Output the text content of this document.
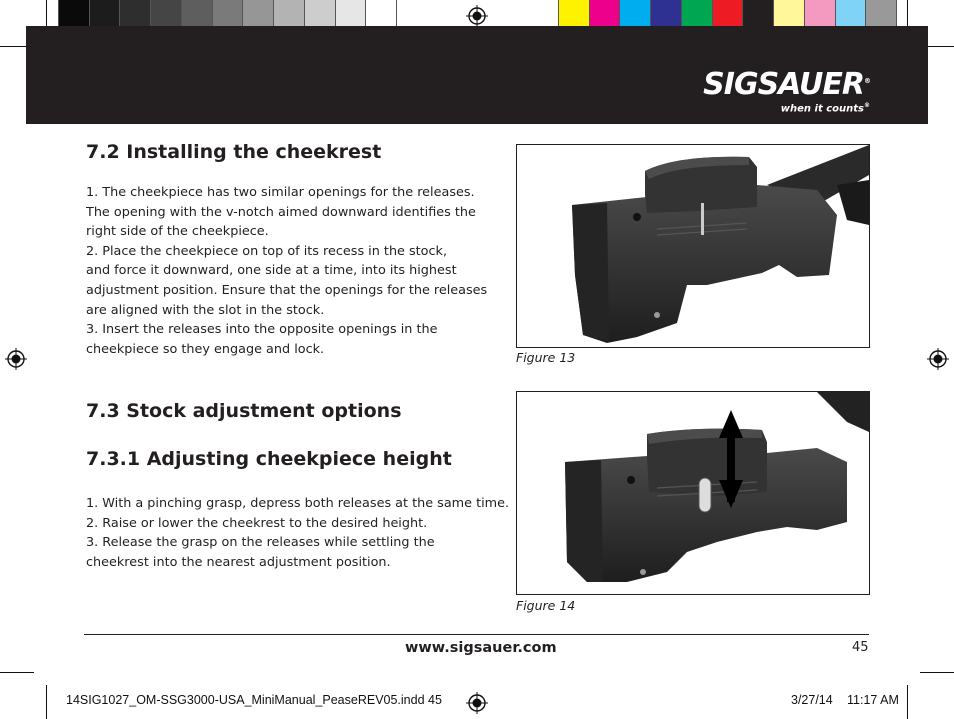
SIGSAUER®
when it counts®
7.2 Installing the cheekrest
1. The cheekpiece has two similar openings for the releases.
The opening with the v-notch aimed downward identifies the
right side of the cheekpiece.
2. Place the cheekpiece on top of its recess in the stock,
and force it downward, one side at a time, into its highest
adjustment position. Ensure that the openings for the releases
are aligned with the slot in the stock.
3. Insert the releases into the opposite openings in the
cheekpiece so they engage and lock.
7.3 Stock adjustment options
7.3.1 Adjusting cheekpiece height
1. With a pinching grasp, depress both releases at the same time.
2. Raise or lower the cheekrest to the desired height.
3. Release the grasp on the releases while settling the
cheekrest into the nearest adjustment position.
Figure 13
Figure 14
www.sigsauer.com	45
14SIG1027_OM-SSG3000-USA_MiniManual_PeaseREV05.indd 45	3/27/14 11:17 AM
